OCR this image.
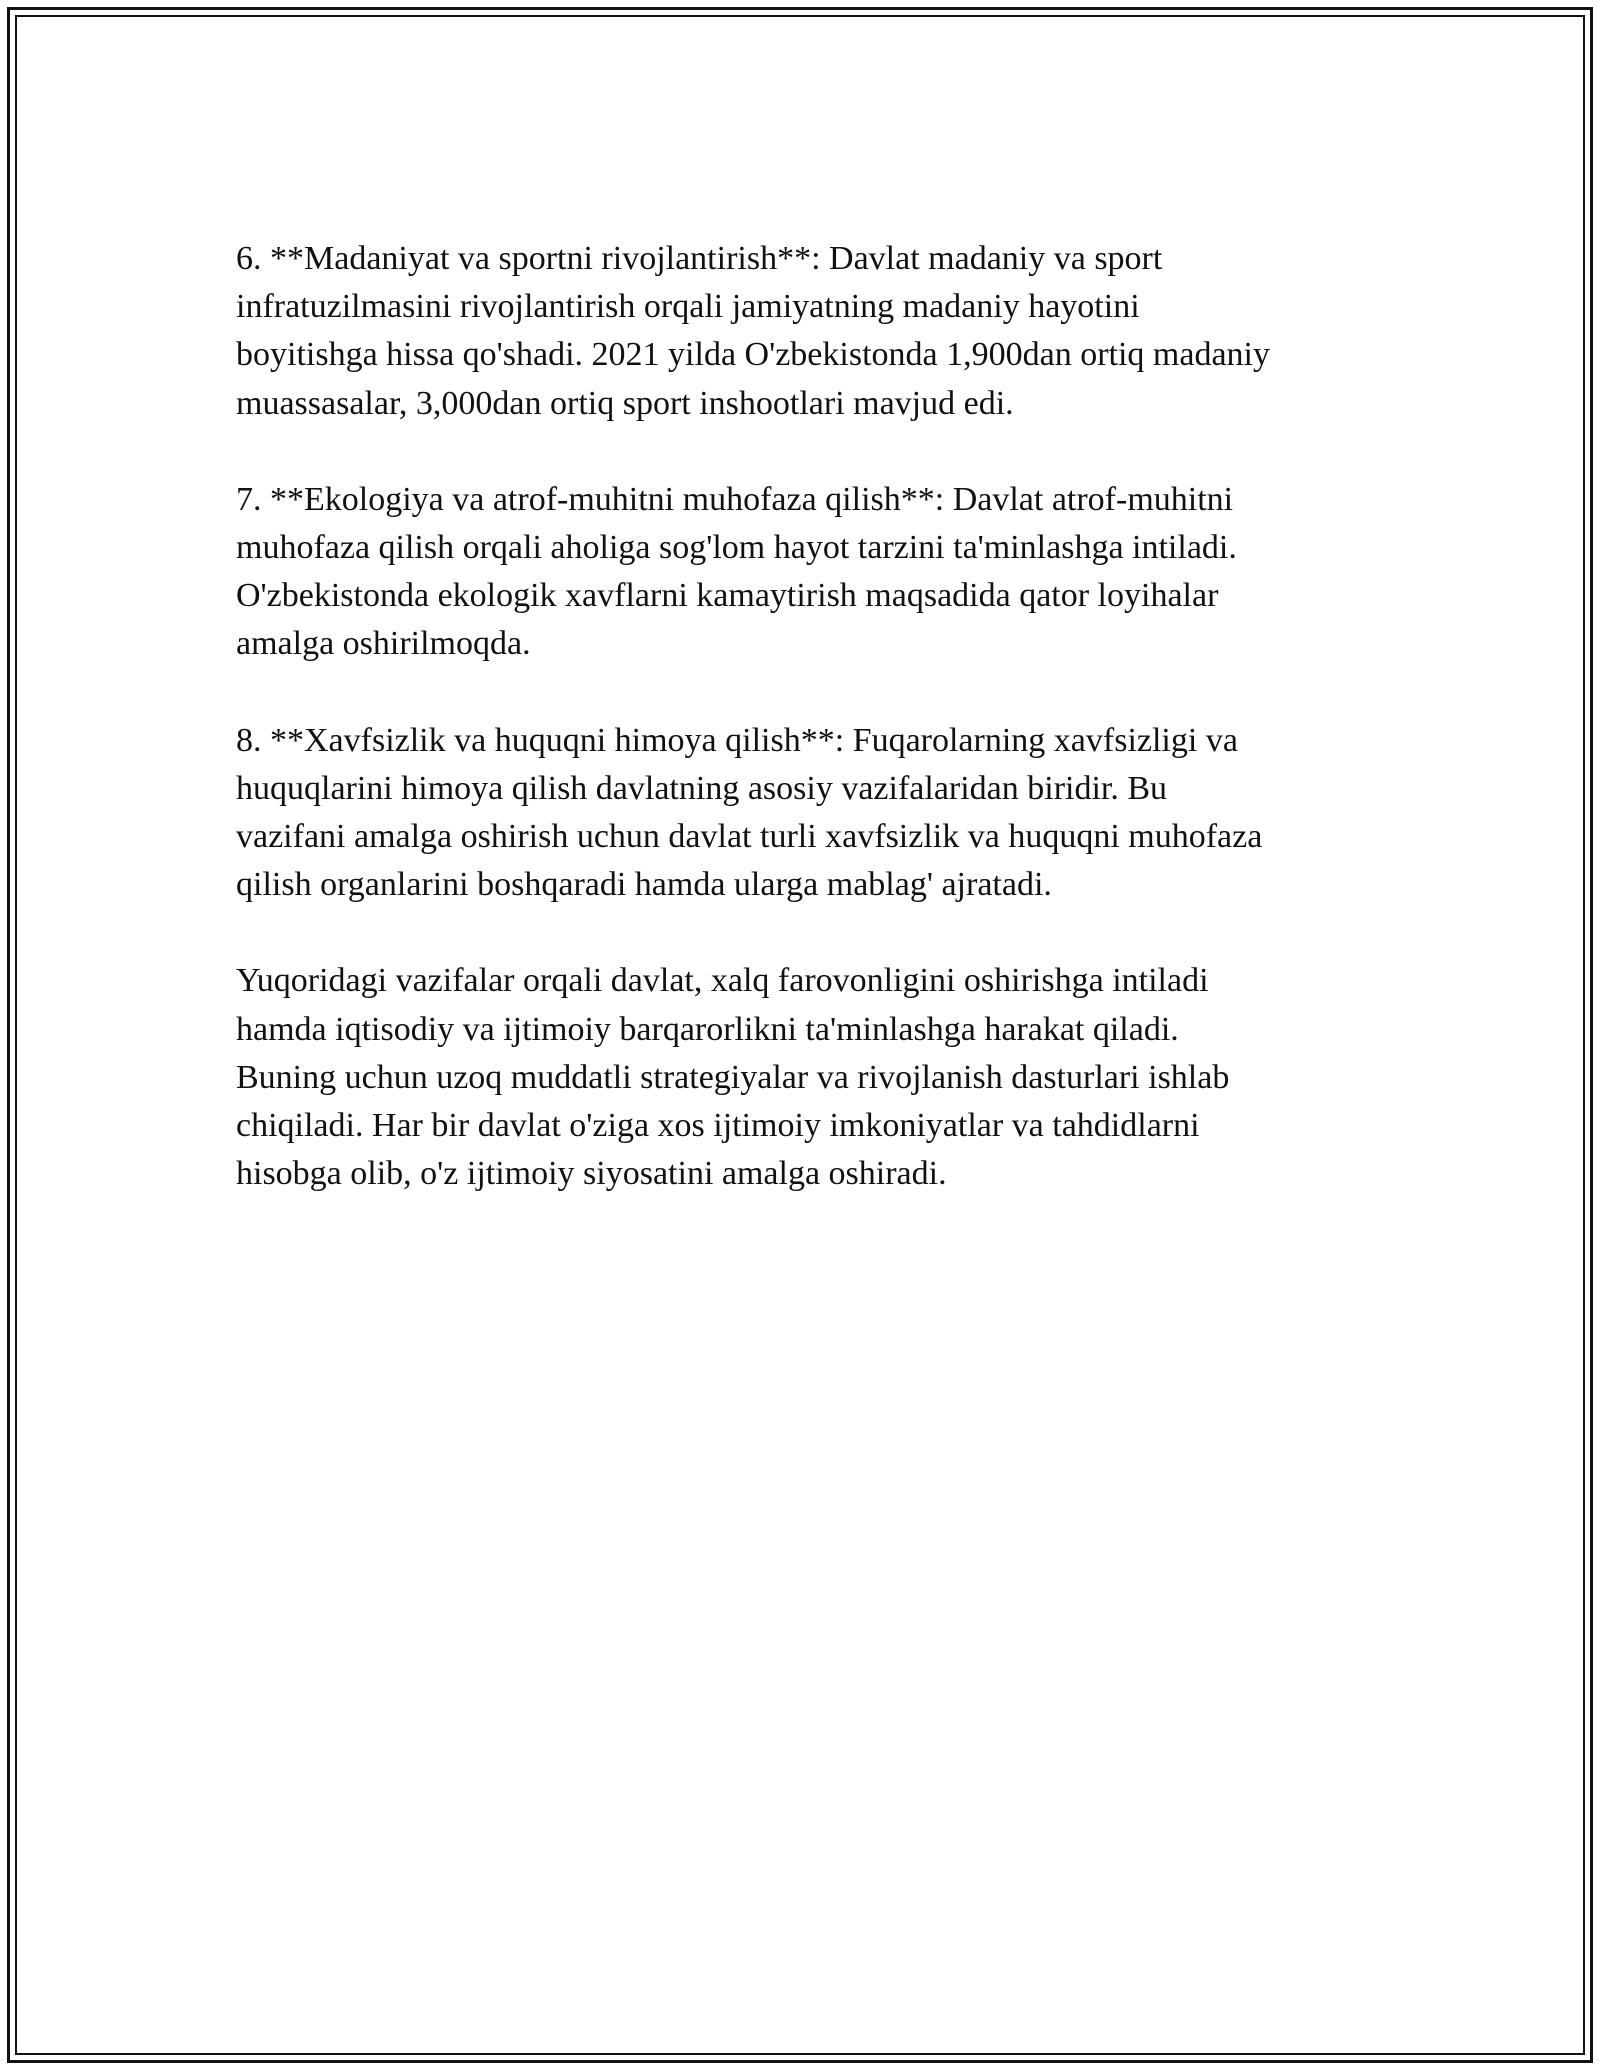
6. **Madaniyat va sportni rivojlantirish**: Davlat madaniy va sport
infratuzilmasini rivojlantirish orqali jamiyatning madaniy hayotini
boyitishga hissa qo'shadi. 2021 yilda O'zbekistonda 1,900dan ortiq madaniy
muassasalar, 3,000dan ortiq sport inshootlari mavjud edi.

7. **Ekologiya va atrof-muhitni muhofaza qilish**: Davlat atrof-muhitni
muhofaza qilish orqali aholiga sog'lom hayot tarzini ta'minlashga intiladi.
O'zbekistonda ekologik xavflarni kamaytirish maqsadida qator loyihalar
amalga oshirilmoqda.

8. **Xavfsizlik va huquqni himoya qilish**: Fuqarolarning xavfsizligi va
huquqlarini himoya qilish davlatning asosiy vazifalaridan biridir. Bu
vazifani amalga oshirish uchun davlat turli xavfsizlik va huquqni muhofaza
qilish organlarini boshqaradi hamda ularga mablag' ajratadi.

Yuqoridagi vazifalar orqali davlat, xalq farovonligini oshirishga intiladi
hamda iqtisodiy va ijtimoiy barqarorlikni ta'minlashga harakat qiladi.
Buning uchun uzoq muddatli strategiyalar va rivojlanish dasturlari ishlab
chiqiladi. Har bir davlat o'ziga xos ijtimoiy imkoniyatlar va tahdidlarni
hisobga olib, o'z ijtimoiy siyosatini amalga oshiradi.
